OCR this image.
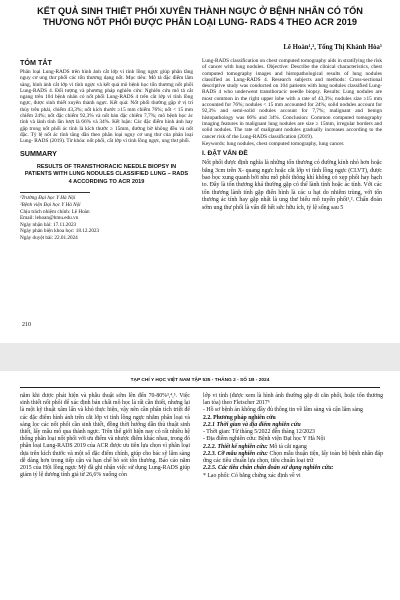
KẾT QUẢ SINH THIẾT PHỔI XUYÊN THÀNH NGỰC Ở BỆNH NHÂN CÓ TỔN THƯƠNG NỐT PHỔI ĐƯỢC PHÂN LOẠI LUNG- RADS 4 THEO ACR 2019
Lê Hoàn¹,², Tống Thị Khánh Hòa¹
TÓM TẮT
Phân loại Lung-RADS trên hình ảnh cắt lớp vi tính lồng ngực giúp phân tầng nguy cơ ung thư phổi các tổn thương dạng nốt. Mục tiêu: Mô tả đặc điểm lâm sàng, hình ảnh cắt lớp vi tính ngực và kết quả mô bệnh học tổn thương nốt phổi Lung-RADS 4. Đối tượng và phương pháp nghiên cứu: Nghiên cứu mô tả cắt ngang trên 104 bệnh nhân có nốt phổi Lung-RADS 4 trên cắt lớp vi tính lồng ngực, được sinh thiết xuyên thành ngực. Kết quả: Nốt phổi thường gặp ở vị trí thùy trên phải, chiếm 43,3%; nốt kích thước ≥15 mm chiếm 76%; nốt < 15 mm chiếm 24%; nốt đặc chiếm 92,3% và nốt bán đặc chiếm 7,7%; mô bệnh học ác tính và lành tính lần lượt là 66% và 34%. Kết luận: Các đặc điểm hình ảnh hay gặp trong nốt phổi ác tính là kích thước ≥ 15mm, đường bờ không đều và nốt đặc. Tỷ lệ nốt ác tính tăng dần theo phân loại nguy cơ ung thư của phân loại Lung- RADS (2019). Từ khóa: nốt phổi, cắt lớp vi tính lồng ngực, ung thư phổi.
SUMMARY
RESULTS OF TRANSTHORACIC NEEDLE BIOPSY IN PATIENTS WITH LUNG NODULES CLASSIFIED LUNG – RADS 4 ACCORDING TO ACR 2019
¹Trường Đại học Y Hà Nội
²Bệnh viện Đại học Y Hà Nội
Chịu trách nhiệm chính: Lê Hoàn
Email: lehoan@hmu.edu.vn
Ngày nhận bài: 17.11.2023
Ngày phản biện khoa học: 18.12.2023
Ngày duyệt bài: 22.01.2024
Lung-RADS classification on chest computed tomography aids in stratifying the risk of cancer with lung nodules. Objective: Describe the clinical characteristics, chest computed tomography images and histopathological results of lung nodules classified as Lung-RADS 4. Research subjects and methods: Cross-sectional descriptive study was conducted on 104 patients with lung nodules classified Lung-RADS 4 who underwent transthoracic needle biopsy. Results: Lung nodules are most common in the right upper lobe with a rate of 43,3%; nodules size ≥15 mm accounted for 76%; nodules < 15 mm accounted for 24%; solid nodules account for 92,3% and semi-solid nodules account for 7,7%; malignant and benign histopathology was 66% and 34%. Conclusion: Common computed tomography imaging features in malignant lung nodules are size ≥ 15mm, irregular borders and solid nodules. The rate of malignant nodules gradually increases according to the cancer risk of the Lung-RADS classification (2019).
Keywords: lung nodules, chest computed tomography, lung cancer.
I. ĐẶT VẤN ĐỀ
Nốt phổi được định nghĩa là những tổn thương có đường kính nhỏ hơn hoặc bằng 3cm trên X- quang ngực hoặc cắt lớp vi tính lồng ngực (CLVT), được bao bọc xung quanh bởi nhu mô phổi thông khí không có xẹp phổi hay hạch to. Đây là tổn thương khá thường gặp có thể lành tính hoặc ác tính. Với các tổn thương lành tính gặp điển hình là các u hạt do nhiễm trùng, với tổn thương ác tính hay gặp nhất là ung thư biểu mô tuyến phổi¹,². Chẩn đoán sớm ung thư phổi là vấn đề hết sức hữu ích, tỷ lệ sống sau 5
210
TẠP CHÍ Y HỌC VIỆT NAM TẬP 535 - THÁNG 2 - SỐ 1B - 2024
năm khi được phát hiện và phẫu thuật sớm lên đến 70-80%³,⁴,⁵. Việc sinh thiết nốt phổi để xác định bản chất mô học là rất cần thiết, nhưng lại là một kỹ thuật xâm lấn và khó thực hiện, vậy nên cần phân tích triệt để các đặc điểm hình ảnh trên cắt lớp vi tính lồng ngực nhằm phân loại và sàng lọc các nốt phổi cần sinh thiết, đồng thời hướng dẫn thủ thuật sinh thiết, lấy mẫu mô qua thành ngực. Trên thế giới hiện nay có rất nhiều hệ thống phân loại nốt phổi với ưu điểm và nhược điểm khác nhau, trong đó phân loại Lung-RADS 2019 của ACR được ưu tiên lựa chọn vì phân loại dựa trên kích thước và một số đặc điểm chính, giúp cho bác sỹ lâm sàng dễ dàng hơn trong tiếp cận và hạn chế bỏ sót tổn thương. Báo cáo năm 2015 của Hội lồng ngực Mỹ đã ghi nhận việc sử dụng Lung-RADS giúp giảm tỷ lệ dương tính giả từ 26,6% xuống còn
lớp vi tính (được xem là hình ảnh thường gặp di căn phổi, hoặc tổn thương lan tỏa) theo Fleischer 2017⁶
- Hồ sơ bệnh án không đầy đủ thông tin về lâm sàng và cận lâm sàng
2.2. Phương pháp nghiên cứu
2.2.1 Thời gian và địa điểm nghiên cứu
- Thời gian: Từ tháng 5/2022 đến tháng 12/2023
- Địa điểm nghiên cứu: Bệnh viện Đại học Y Hà Nội
2.2.2. Thiết kế nghiên cứu: Mô tả cắt ngang
2.2.3. Cỡ mẫu nghiên cứu: Chọn mẫu thuận tiện, lấy toàn bộ bệnh nhân đáp ứng các tiêu chuẩn lựa chọn, tiêu chuẩn loại trừ
2.2.5. Các tiêu chẩn chẩn đoán sử dụng nghiên cứu:
* Lao phổi: Có bằng chứng xác định về vi
